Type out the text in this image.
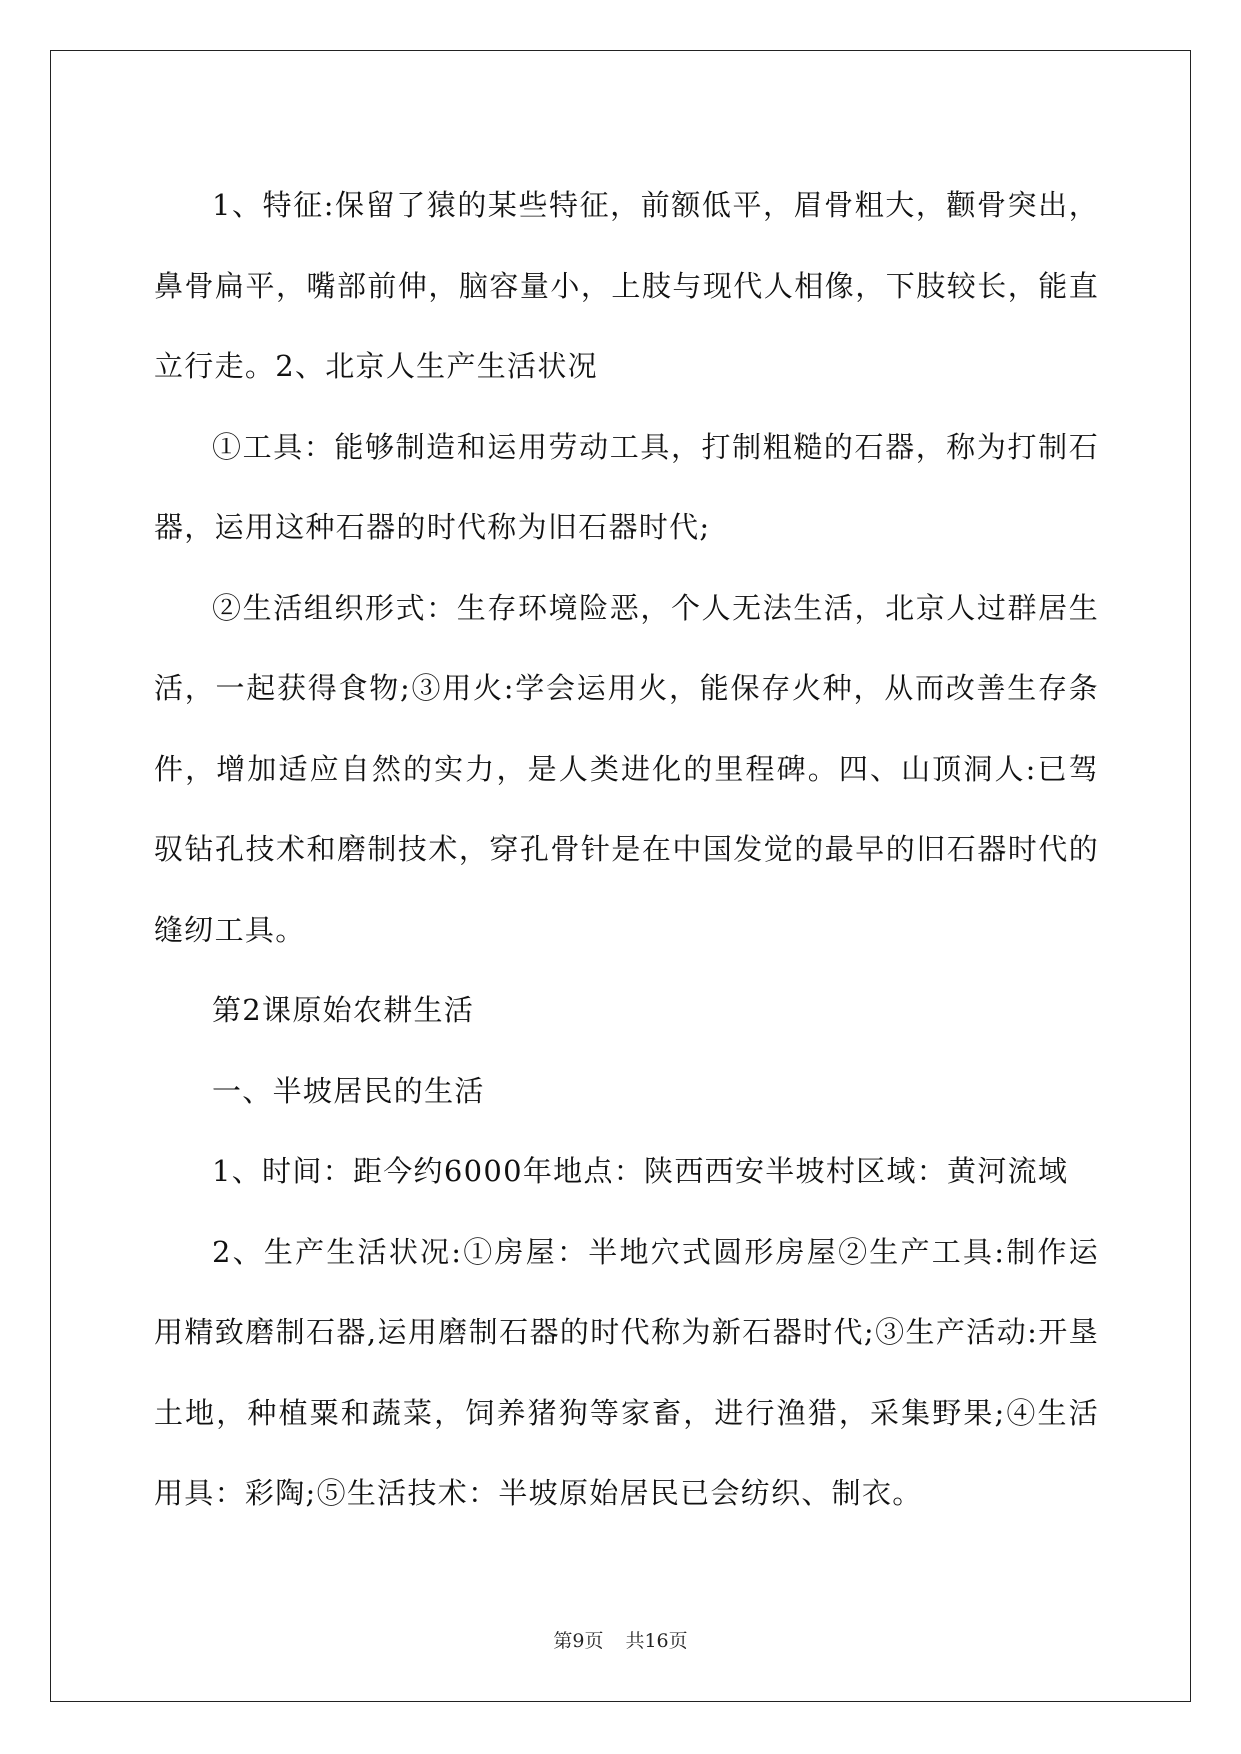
1、特征:保留了猿的某些特征，前额低平，眉骨粗大，颧骨突出，鼻骨扁平，嘴部前伸，脑容量小，上肢与现代人相像，下肢较长，能直立行走。2、北京人生产生活状况

①工具：能够制造和运用劳动工具，打制粗糙的石器，称为打制石器，运用这种石器的时代称为旧石器时代;

②生活组织形式：生存环境险恶，个人无法生活，北京人过群居生活，一起获得食物;③用火:学会运用火，能保存火种，从而改善生存条件，增加适应自然的实力，是人类进化的里程碑。四、山顶洞人:已驾驭钻孔技术和磨制技术，穿孔骨针是在中国发觉的最早的旧石器时代的缝纫工具。

第2课原始农耕生活

一、半坡居民的生活

1、时间：距今约6000年地点：陕西西安半坡村区域：黄河流域

2、生产生活状况:①房屋：半地穴式圆形房屋②生产工具:制作运用精致磨制石器,运用磨制石器的时代称为新石器时代;③生产活动:开垦土地，种植粟和蔬菜，饲养猪狗等家畜，进行渔猎，采集野果;④生活用具：彩陶;⑤生活技术：半坡原始居民已会纺织、制衣。

第9页 共16页
